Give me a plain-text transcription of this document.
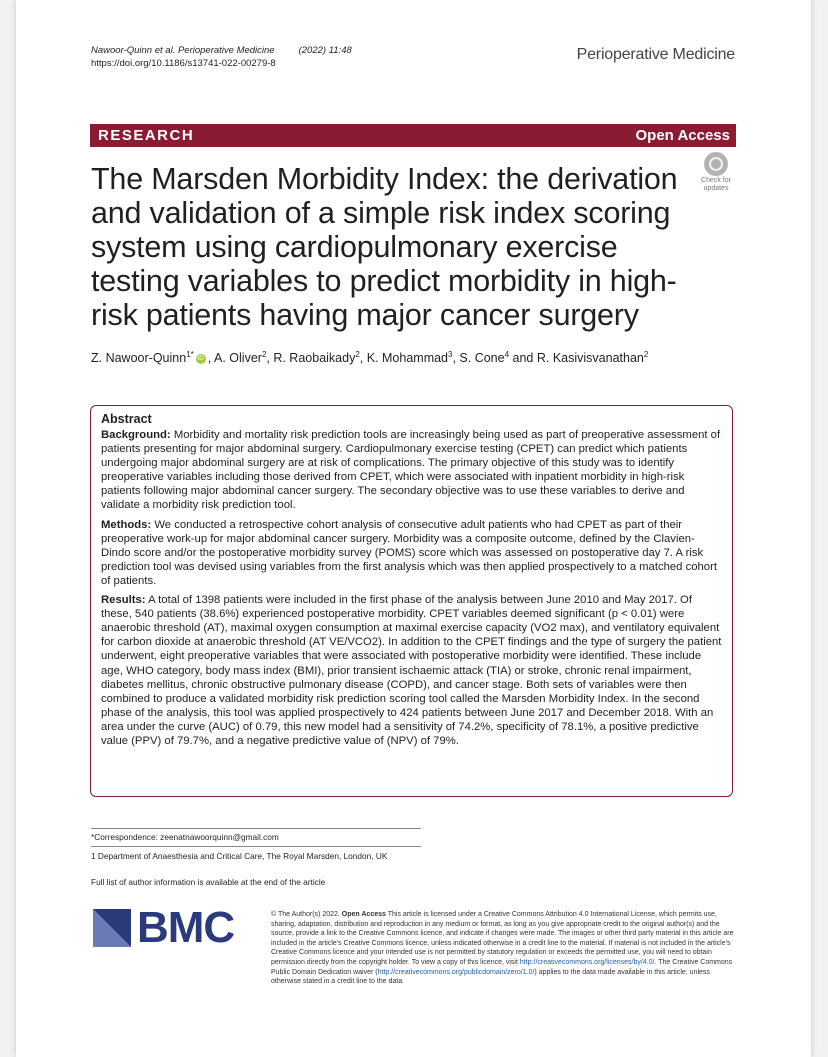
Nawoor-Quinn et al. Perioperative Medicine	(2022) 11:48
https://doi.org/10.1186/s13741-022-00279-8
Perioperative Medicine
RESEARCH	Open Access
The Marsden Morbidity Index: the derivation and validation of a simple risk index scoring system using cardiopulmonary exercise testing variables to predict morbidity in high-risk patients having major cancer surgery
Check for
updates
Z. Nawoor-Quinn$^{1*}$ iD , A. Oliver$^2$, R. Raobaikady$^2$, K. Mohammad$^3$, S. Cone$^4$ and R. Kasivisvanathan$^2$
Abstract

Background: Morbidity and mortality risk prediction tools are increasingly being used as part of preoperative assessment of patients presenting for major abdominal surgery. Cardiopulmonary exercise testing (CPET) can predict which patients undergoing major abdominal surgery are at risk of complications. The primary objective of this study was to identify preoperative variables including those derived from CPET, which were associated with inpatient morbidity in high-risk patients following major abdominal cancer surgery. The secondary objective was to use these variables to derive and validate a morbidity risk prediction tool.

Methods: We conducted a retrospective cohort analysis of consecutive adult patients who had CPET as part of their preoperative work-up for major abdominal cancer surgery. Morbidity was a composite outcome, defined by the Clavien-Dindo score and/or the postoperative morbidity survey (POMS) score which was assessed on postoperative day 7. A risk prediction tool was devised using variables from the first analysis which was then applied prospectively to a matched cohort of patients.

Results: A total of 1398 patients were included in the first phase of the analysis between June 2010 and May 2017. Of these, 540 patients (38.6%) experienced postoperative morbidity. CPET variables deemed significant (p < 0.01) were anaerobic threshold (AT), maximal oxygen consumption at maximal exercise capacity (VO2 max), and ventilatory equivalent for carbon dioxide at anaerobic threshold (AT VE/VCO2). In addition to the CPET findings and the type of surgery the patient underwent, eight preoperative variables that were associated with postoperative morbidity were identified. These include age, WHO category, body mass index (BMI), prior transient ischaemic attack (TIA) or stroke, chronic renal impairment, diabetes mellitus, chronic obstructive pulmonary disease (COPD), and cancer stage. Both sets of variables were then combined to produce a validated morbidity risk prediction scoring tool called the Marsden Morbidity Index. In the second phase of the analysis, this tool was applied prospectively to 424 patients between June 2017 and December 2018. With an area under the curve (AUC) of 0.79, this new model had a sensitivity of 74.2%, specificity of 78.1%, a positive predictive value (PPV) of 79.7%, and a negative predictive value of (NPV) of 79%.

*Correspondence: zeenatnawoorquinn@gmail.com
1 Department of Anaesthesia and Critical Care, The Royal Marsden, London, UK
Full list of author information is available at the end of the article
BMC	© The Author(s) 2022. Open Access This article is licensed under a Creative Commons Attribution 4.0 International License, which permits use, sharing, adaptation, distribution and reproduction in any medium or format, as long as you give appropriate credit to the original author(s) and the source, provide a link to the Creative Commons licence, and indicate if changes were made. The images or other third party material in this article are included in the article's Creative Commons licence, unless indicated otherwise in a credit line to the material. If material is not included in the article's Creative Commons licence and your intended use is not permitted by statutory regulation or exceeds the permitted use, you will need to obtain permission directly from the copyright holder. To view a copy of this licence, visit http://creativecommons.org/licenses/by/4.0/. The Creative Commons Public Domain Dedication waiver (http://creativecommons.org/publicdomain/zero/1.0/) applies to the data made available in this article, unless otherwise stated in a credit line to the data.
